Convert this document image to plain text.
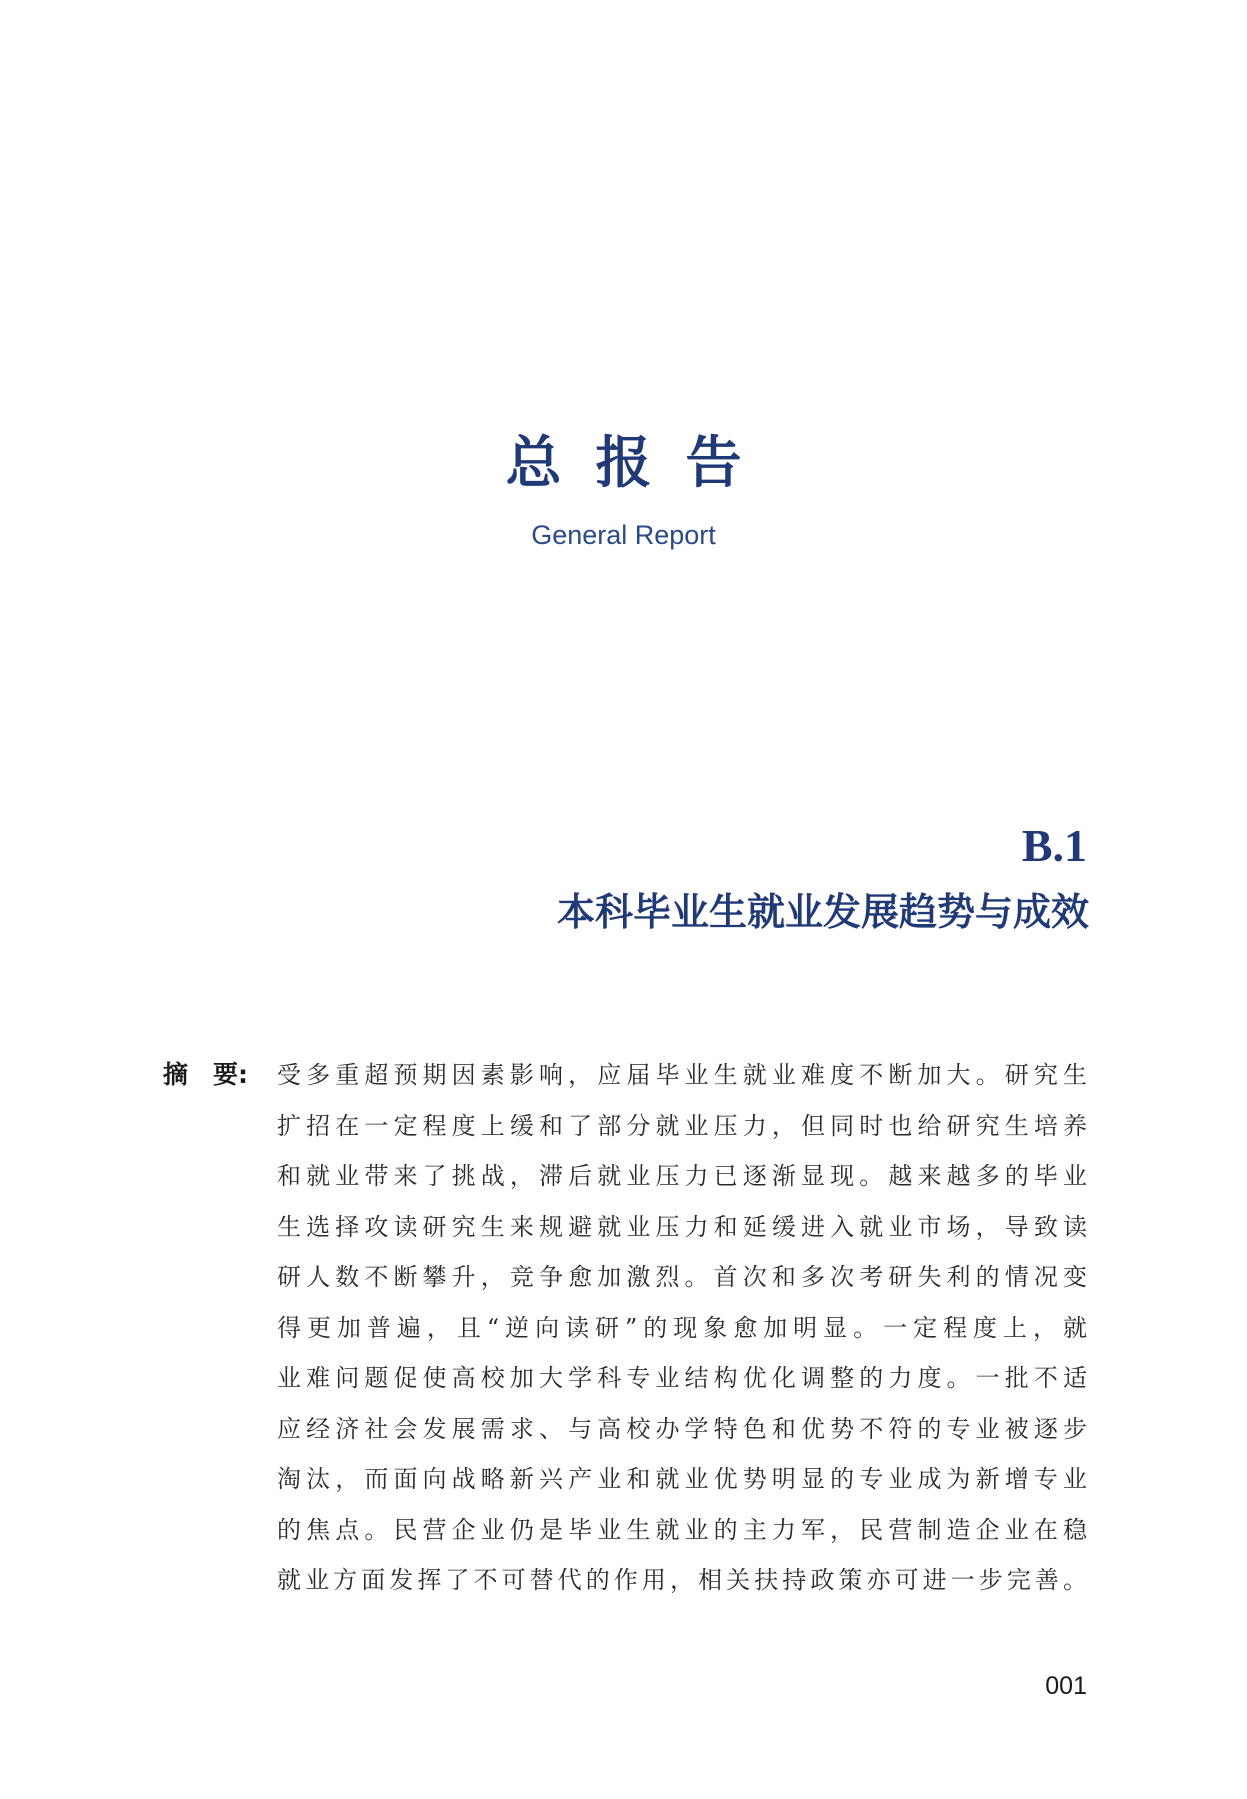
总报告
General Report
B.1
本科毕业生就业发展趋势与成效
摘　要: 受多重超预期因素影响，应届毕业生就业难度不断加大。研究生
扩招在一定程度上缓和了部分就业压力，但同时也给研究生培养
和就业带来了挑战，滞后就业压力已逐渐显现。越来越多的毕业
生选择攻读研究生来规避就业压力和延缓进入就业市场，导致读
研人数不断攀升，竞争愈加激烈。首次和多次考研失利的情况变
得更加普遍，且“逆向读研”的现象愈加明显。一定程度上，就
业难问题促使高校加大学科专业结构优化调整的力度。一批不适
应经济社会发展需求、与高校办学特色和优势不符的专业被逐步
淘汰，而面向战略新兴产业和就业优势明显的专业成为新增专业
的焦点。民营企业仍是毕业生就业的主力军，民营制造企业在稳
就业方面发挥了不可替代的作用，相关扶持政策亦可进一步完善。
001
